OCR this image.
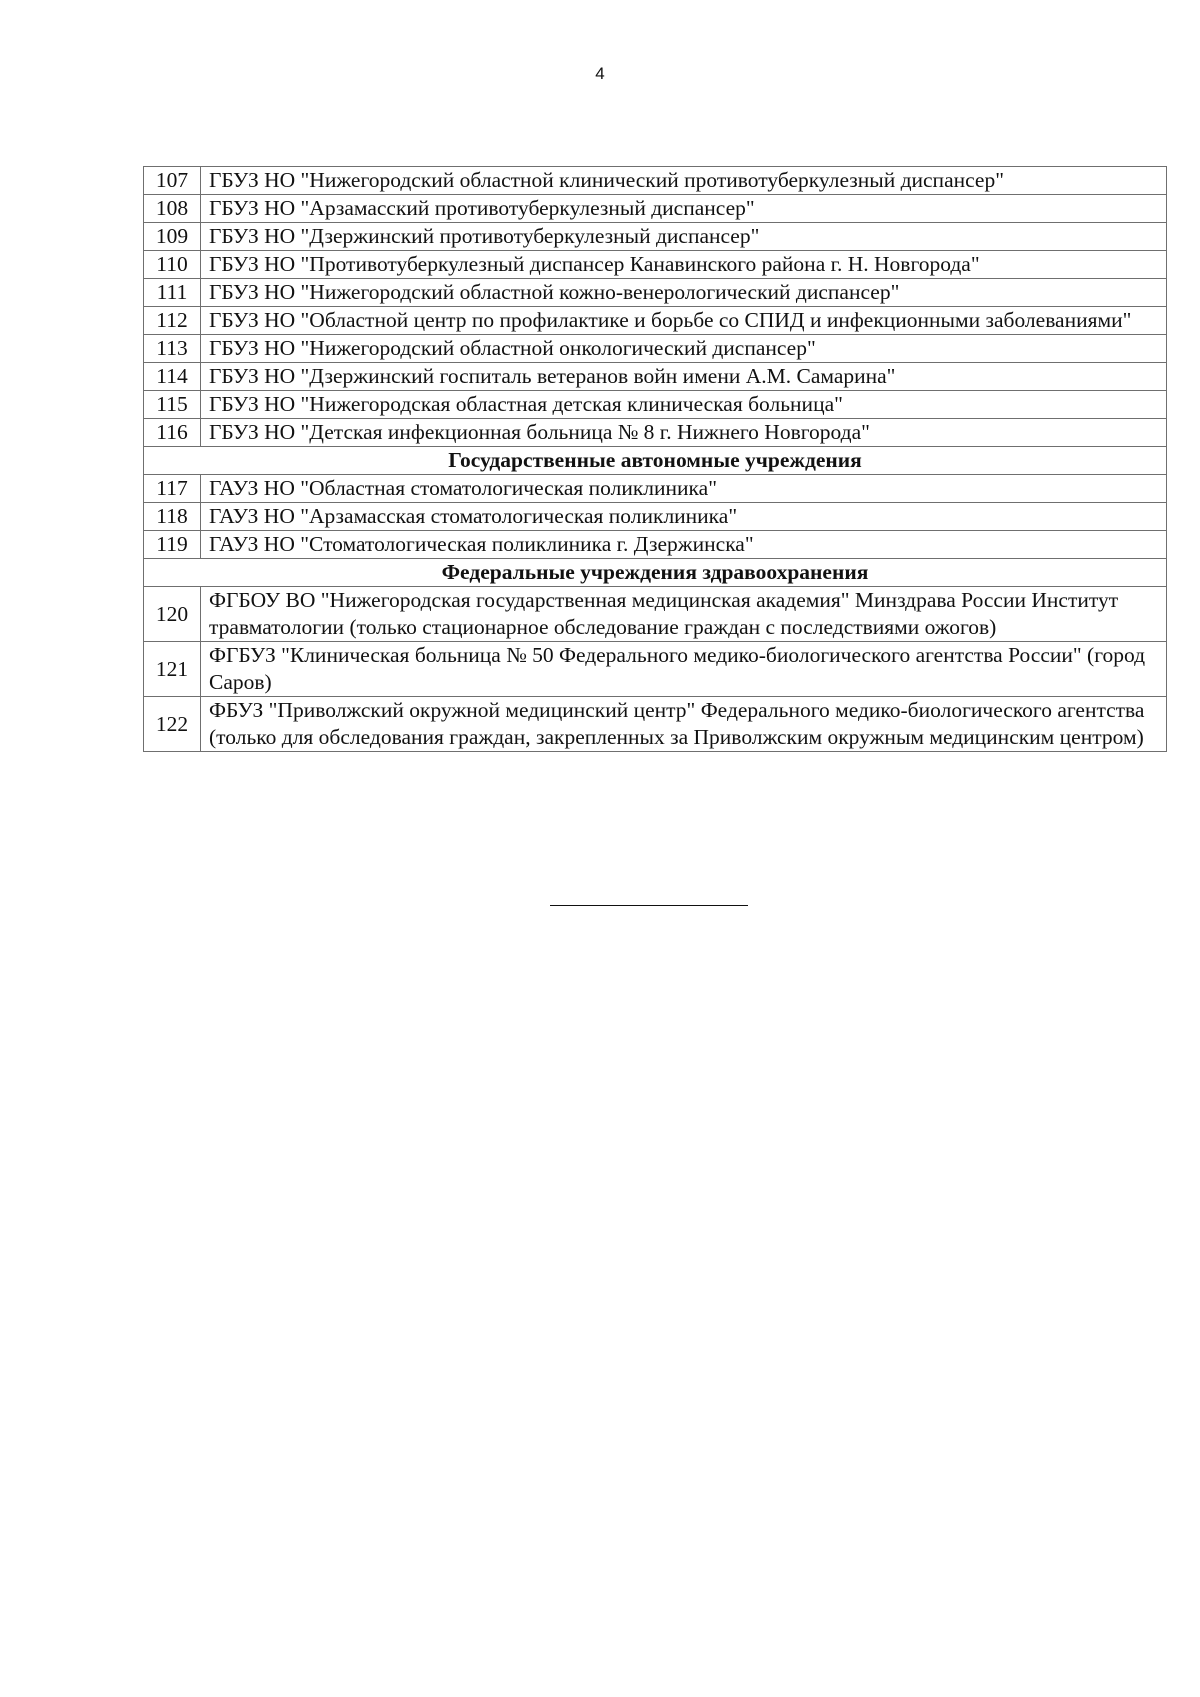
4
107	ГБУЗ НО "Нижегородский областной клинический противотуберкулезный диспансер"
108	ГБУЗ НО "Арзамасский противотуберкулезный диспансер"
109	ГБУЗ НО "Дзержинский противотуберкулезный диспансер"
110	ГБУЗ НО "Противотуберкулезный диспансер Канавинского района г. Н. Новгорода"
111	ГБУЗ НО "Нижегородский областной кожно-венерологический диспансер"
112	ГБУЗ НО "Областной центр по профилактике и борьбе со СПИД и инфекционными заболеваниями"
113	ГБУЗ НО "Нижегородский областной онкологический диспансер"
114	ГБУЗ НО "Дзержинский госпиталь ветеранов войн имени А.М. Самарина"
115	ГБУЗ НО "Нижегородская областная детская клиническая больница"
116	ГБУЗ НО "Детская инфекционная больница № 8 г. Нижнего Новгорода"
Государственные автономные учреждения	
117	ГАУЗ НО "Областная стоматологическая поликлиника"
118	ГАУЗ НО "Арзамасская стоматологическая поликлиника"
119	ГАУЗ НО "Стоматологическая поликлиника г. Дзержинска"
Федеральные учреждения здравоохранения	
120	ФГБОУ ВО "Нижегородская государственная медицинская академия" Минздрава России Институт травматологии (только стационарное обследование граждан с последствиями ожогов)
121	ФГБУЗ "Клиническая больница № 50 Федерального медико-биологического агентства России" (город Саров)
122	ФБУЗ "Приволжский окружной медицинский центр" Федерального медико-биологического агентства (только для обследования граждан, закрепленных за Приволжским окружным медицинским центром)
